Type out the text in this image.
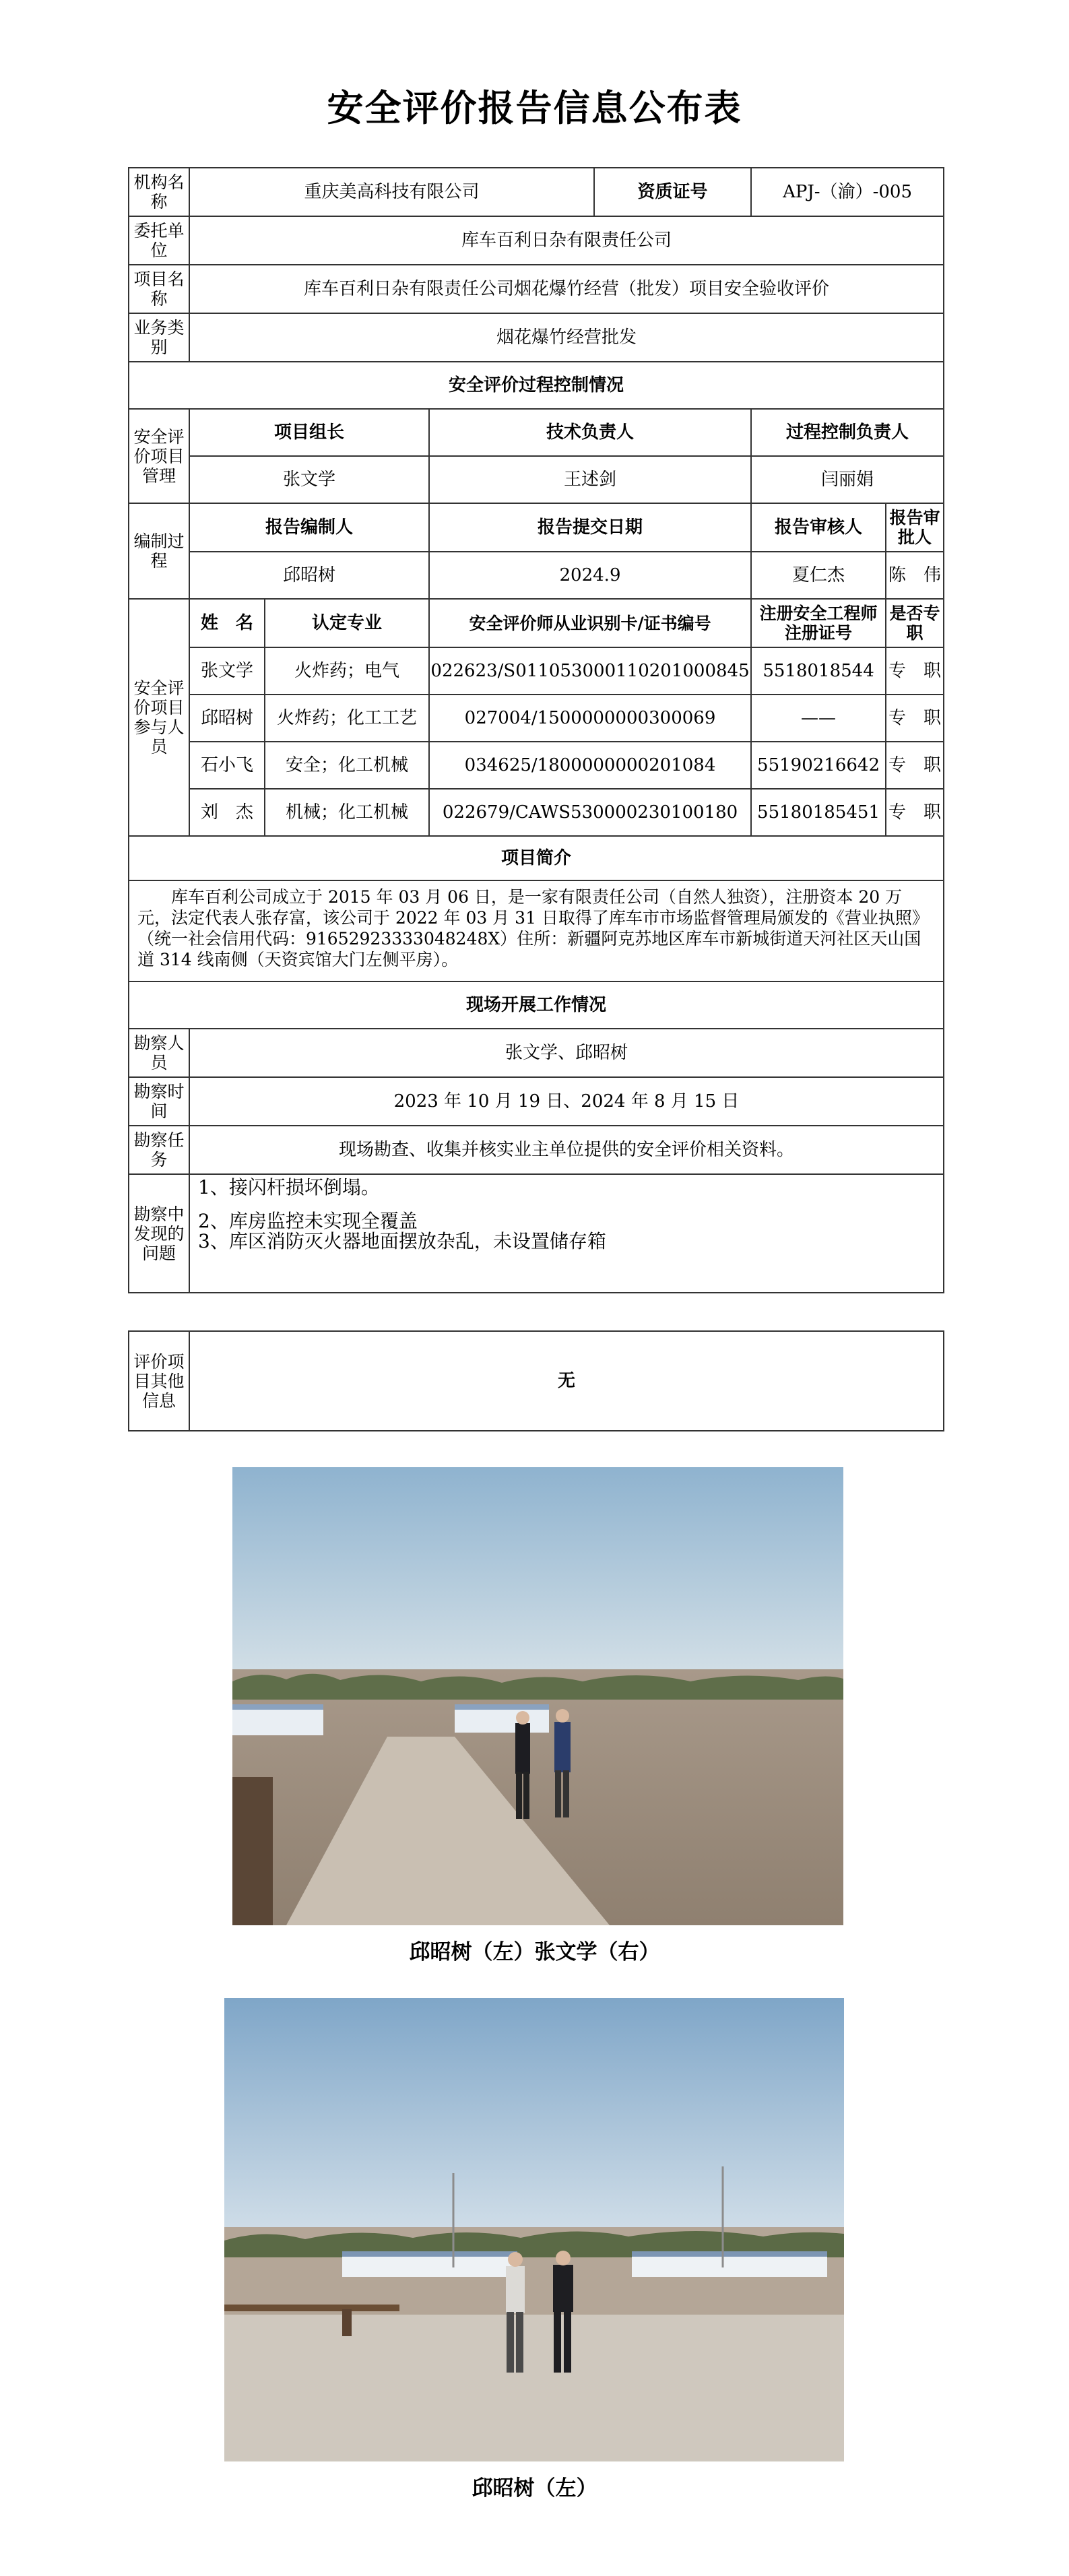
安全评价报告信息公布表
机构名称	重庆美高科技有限公司			资质证号	APJ-（渝）-005	
委托单位	库车百利日杂有限责任公司					
项目名称	库车百利日杂有限责任公司烟花爆竹经营（批发）项目安全验收评价					
业务类别	烟花爆竹经营批发					
安全评价过程控制情况						
安全评价项目管理	项目组长		技术负责人		过程控制负责人	
	张文学		王述剑		闫丽娟	
编制过程	报告编制人		报告提交日期		报告审核人	报告审批人
	邱昭树		2024.9		夏仁杰	陈　伟
安全评价项目参与人员	姓　名	认定专业	安全评价师从业识别卡/证书编号		注册安全工程师注册证号	是否专职
	张文学	火炸药；电气	022623/S011053000110201000845		5518018544	专　职
	邱昭树	火炸药；化工工艺	027004/1500000000300069		——	专　职
	石小飞	安全；化工机械	034625/1800000000201084		55190216642	专　职
	刘　杰	机械；化工机械	022679/CAWS530000230100180		55180185451	专　职
项目简介						

库车百利公司成立于 2015 年 03 月 06 日，是一家有限责任公司（自然人独资），注册资本 20 万元，法定代表人张存富，该公司于 2022 年 03 月 31 日取得了库车市市场监督管理局颁发的《营业执照》（统一社会信用代码：91652923333048248X）住所：新疆阿克苏地区库车市新城街道天河社区天山国道 314 线南侧（天资宾馆大门左侧平房）。						

现场开展工作情况						
勘察人员	张文学、邱昭树					
勘察时间	2023 年 10 月 19 日、2024 年 8 月 15 日					
勘察任务	现场勘查、收集并核实业主单位提供的安全评价相关资料。					
勘察中发现的问题	1、接闪杆损坏倒塌。
2、库房监控未实现全覆盖
3、库区消防灭火器地面摆放杂乱，未设置储存箱					
评价项目其他信息	无
邱昭树（左）张文学（右）
邱昭树（左）
